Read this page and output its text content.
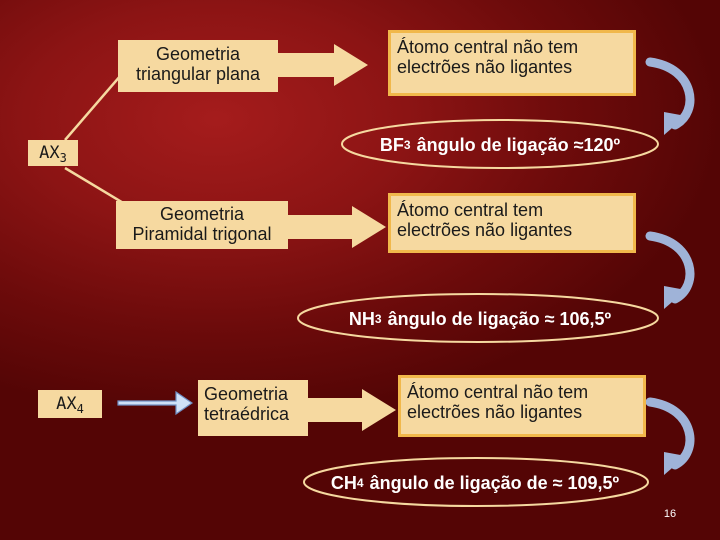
$AX_3$
$AX_4$
Geometria
triangular plana
Geometria
Piramidal trigonal
Geometria
tetraédrica
Átomo central não tem
electrões não ligantes
Átomo central tem
electrões não ligantes
Átomo central não tem
electrões não ligantes
BF 3 ângulo de ligação ≈120º
NH 3 ângulo de ligação ≈ 106,5º
CH 4 ângulo de ligação de ≈ 109,5º
16
